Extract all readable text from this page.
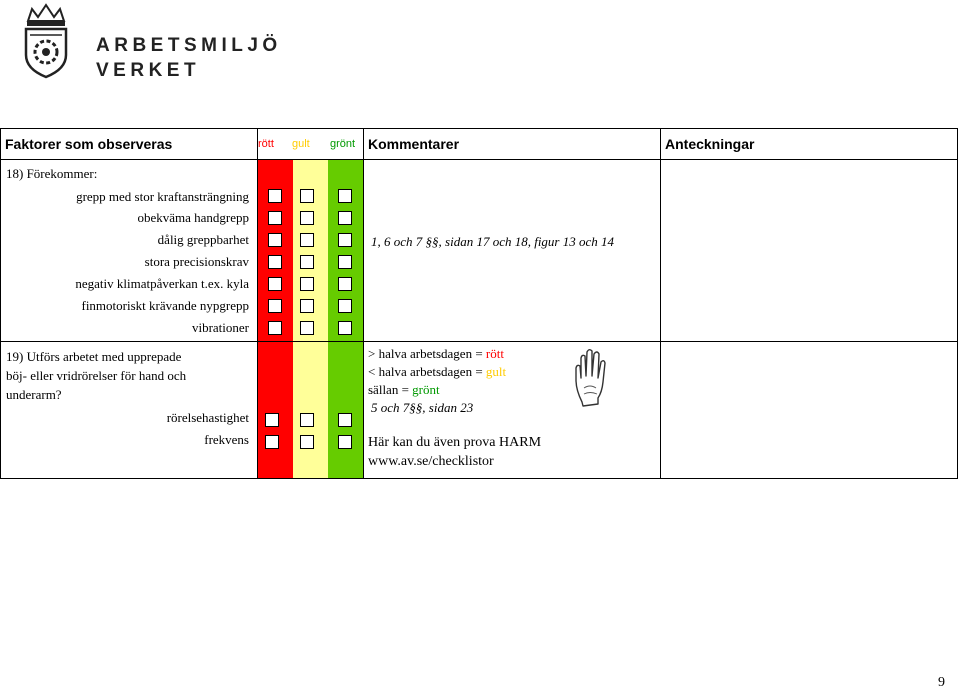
ARBETSMILJÖ
VERKET
Faktorer som observeras	rött gult grönt Kommentarer	Anteckningar
18) Förekommer:
grepp med stor kraftansträngning
obekväma handgrepp
dålig greppbarhet
stora precisionskrav
negativ klimatpåverkan t.ex. kyla
finmotoriskt krävande nypgrepp
vibrationer
1, 6 och 7 §§, sidan 17 och 18, figur 13 och 14
19) Utförs arbetet med upprepade
böj- eller vridrörelser för hand och
underarm?
rörelsehastighet
frekvens
> halva arbetsdagen = rött
< halva arbetsdagen = gult
sällan = grönt
5 och 7§§, sidan 23
Här kan du även prova HARM
www.av.se/checklistor
9
